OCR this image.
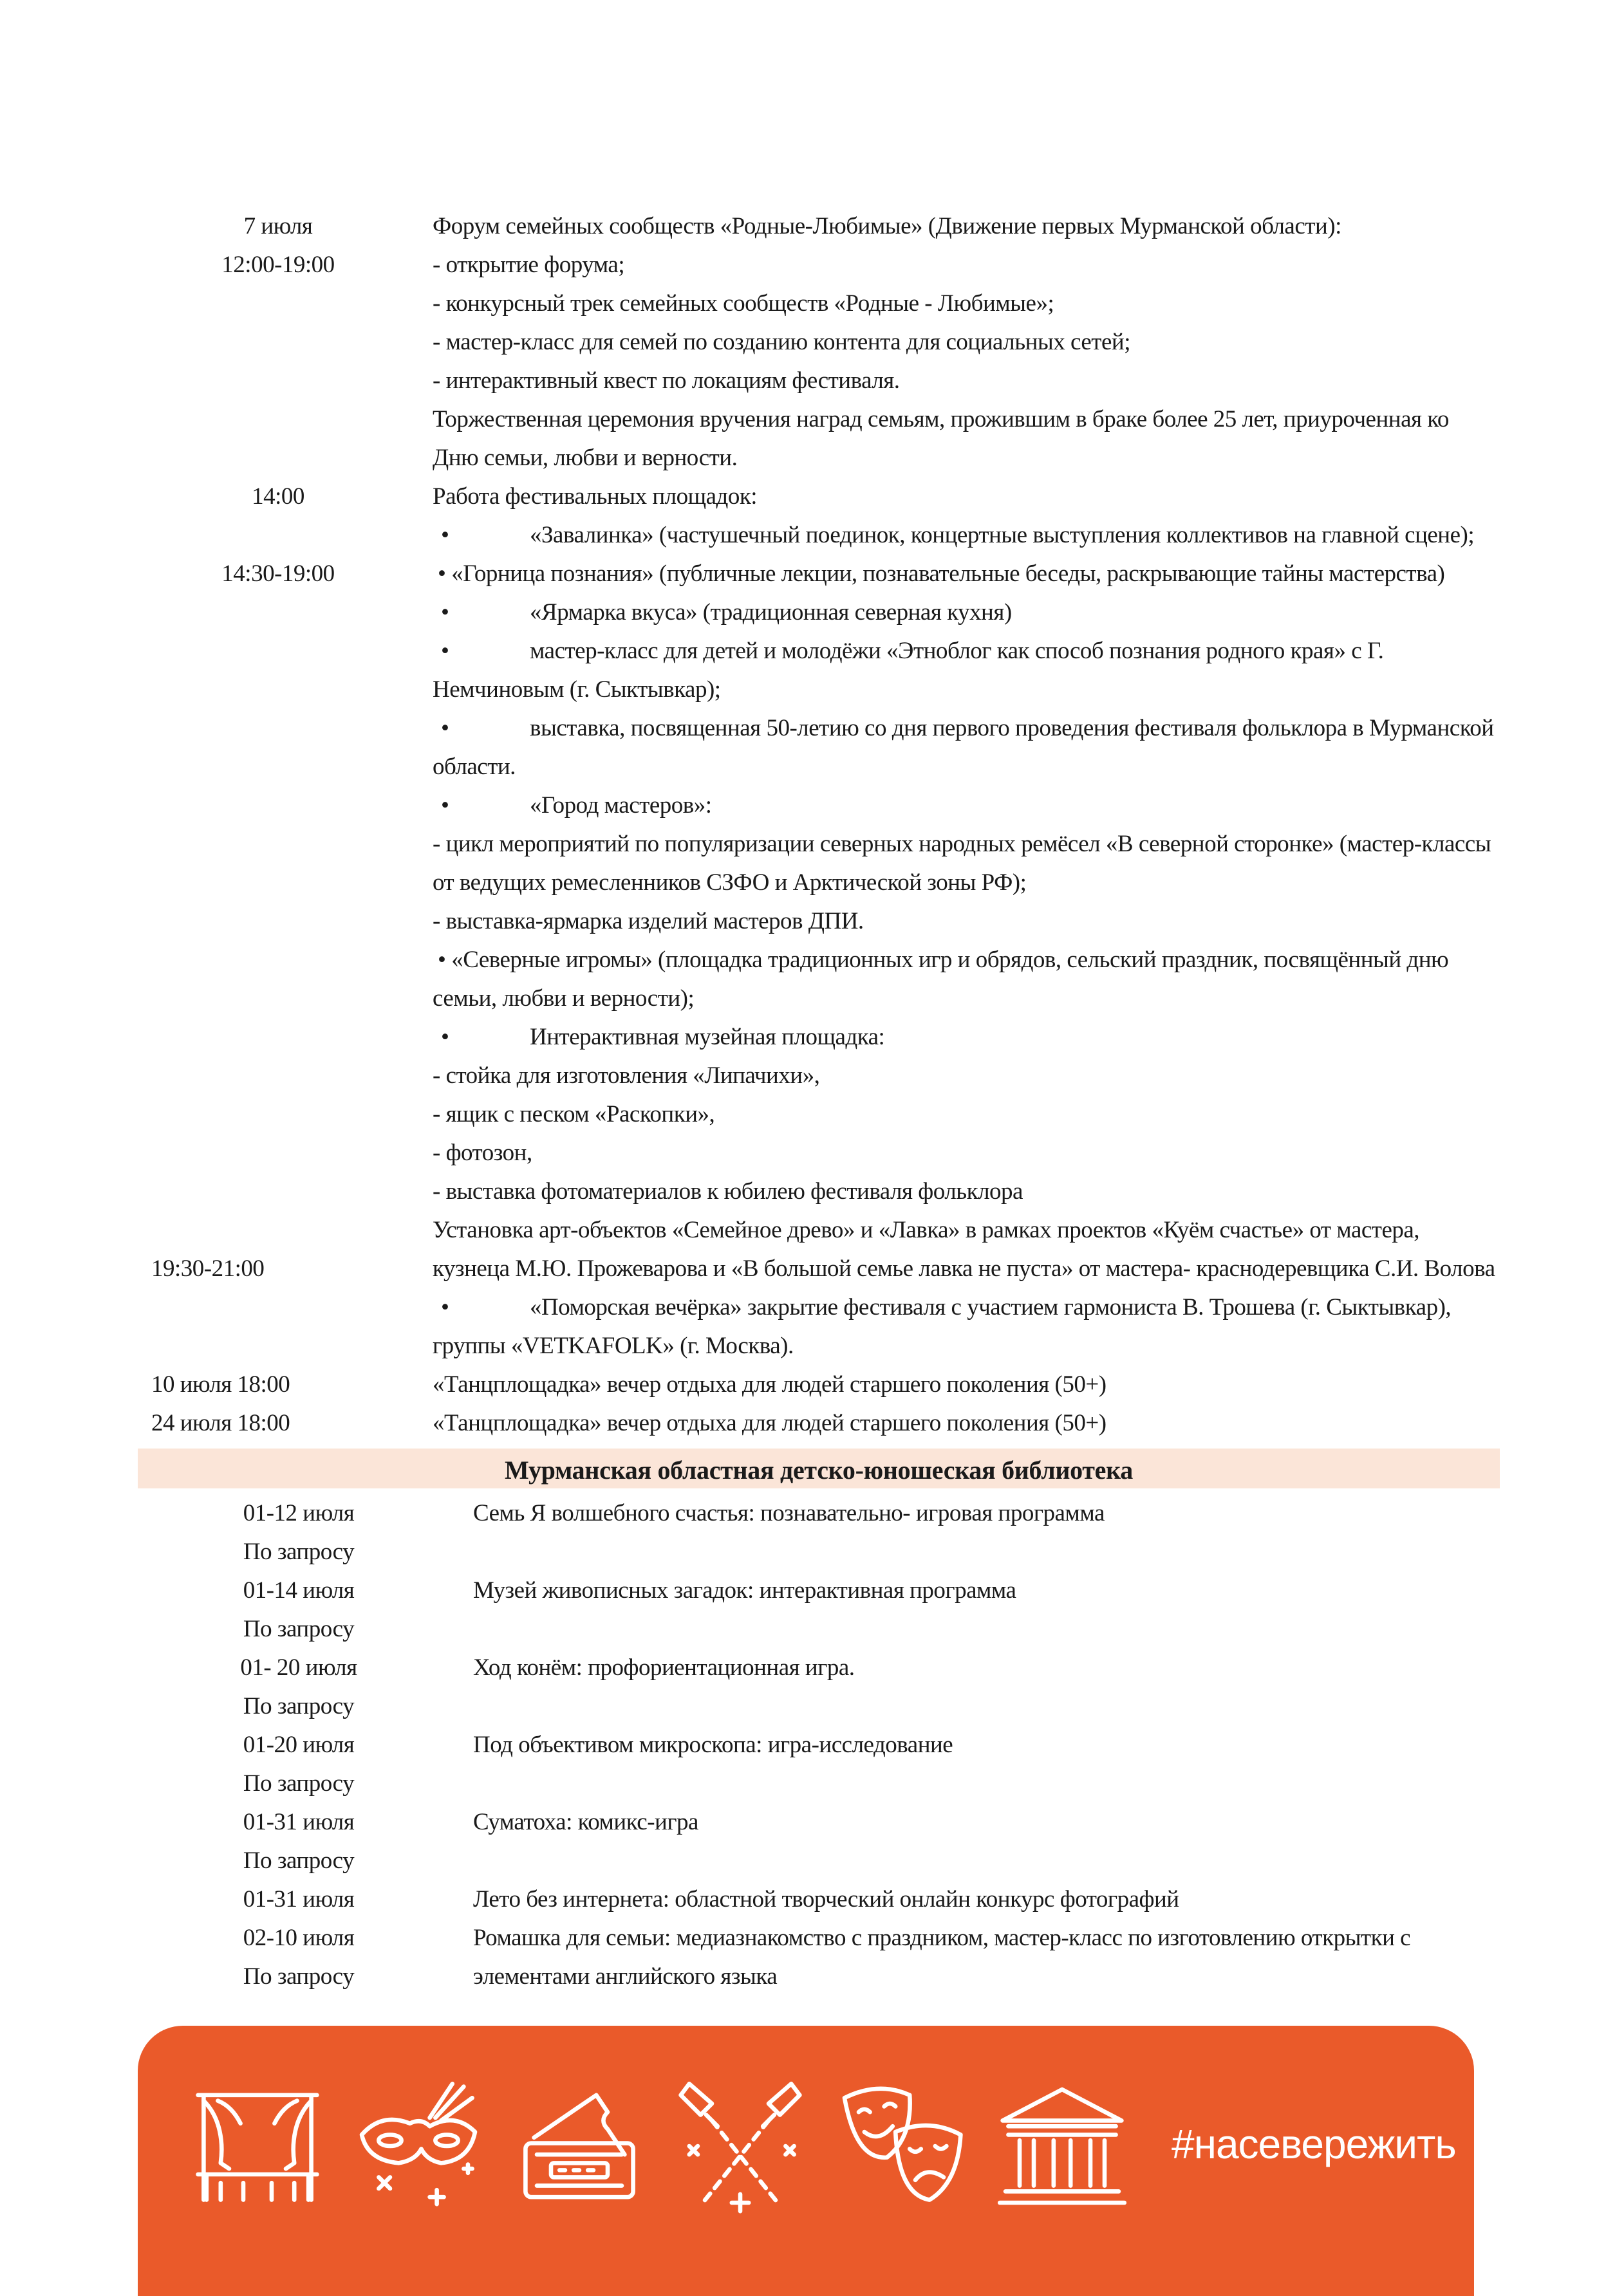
7 июля	Форум семейных сообществ «Родные-Любимые» (Движение первых Мурманской области):
12:00-19:00	- открытие форума;
- конкурсный трек семейных сообществ «Родные - Любимые»;
- мастер-класс для семей по созданию контента для социальных сетей;
- интерактивный квест по локациям фестиваля.
Торжественная церемония вручения наград семьям, прожившим в браке более 25 лет, приуроченная ко
Дню семьи, любви и верности.
14:00	Работа фестивальных площадок:
•	«Завалинка» (частушечный поединок, концертные выступления коллективов на главной сцене);
14:30-19:00	• «Горница познания» (публичные лекции, познавательные беседы, раскрывающие тайны мастерства)
•	«Ярмарка вкуса» (традиционная северная кухня)
•	мастер-класс для детей и молодёжи «Этноблог как способ познания родного края» с Г.
Немчиновым (г. Сыктывкар);
•	выставка, посвященная 50-летию со дня первого проведения фестиваля фольклора в Мурманской
области.
•	«Город мастеров»:
- цикл мероприятий по популяризации северных народных ремёсел «В северной сторонке» (мастер-классы
от ведущих ремесленников СЗФО и Арктической зоны РФ);
- выставка-ярмарка изделий мастеров ДПИ.
• «Северные игромы» (площадка традиционных игр и обрядов, сельский праздник, посвящённый дню
семьи, любви и верности);
•	Интерактивная музейная площадка:
- стойка для изготовления «Липачихи»,
- ящик с песком «Раскопки»,
- фотозон,
- выставка фотоматериалов к юбилею фестиваля фольклора
Установка арт-объектов «Семейное древо» и «Лавка» в рамках проектов «Куём счастье» от мастера,
19:30-21:00	кузнеца М.Ю. Прожеварова и «В большой семье лавка не пуста» от мастера- краснодеревщика С.И. Волова
•	«Поморская вечёрка» закрытие фестиваля с участием гармониста В. Трошева (г. Сыктывкар),
группы «VETKAFOLK» (г. Москва).
10 июля 18:00	«Танцплощадка» вечер отдыха для людей старшего поколения (50+)
24 июля 18:00	«Танцплощадка» вечер отдыха для людей старшего поколения (50+)
Мурманская областная детско-юношеская библиотека
01-12 июля	Семь Я волшебного счастья: познавательно- игровая программа
По запросу
01-14 июля	Музей живописных загадок: интерактивная программа
По запросу
01- 20 июля	Ход конём: профориентационная игра.
По запросу
01-20 июля	Под объективом микроскопа: игра-исследование
По запросу
01-31 июля	Суматоха: комикс-игра
По запросу
01-31 июля	Лето без интернета: областной творческий онлайн конкурс фотографий
02-10 июля	Ромашка для семьи: медиазнакомство с праздником, мастер-класс по изготовлению открытки с
По запросу	элементами английского языка
#насевережить
